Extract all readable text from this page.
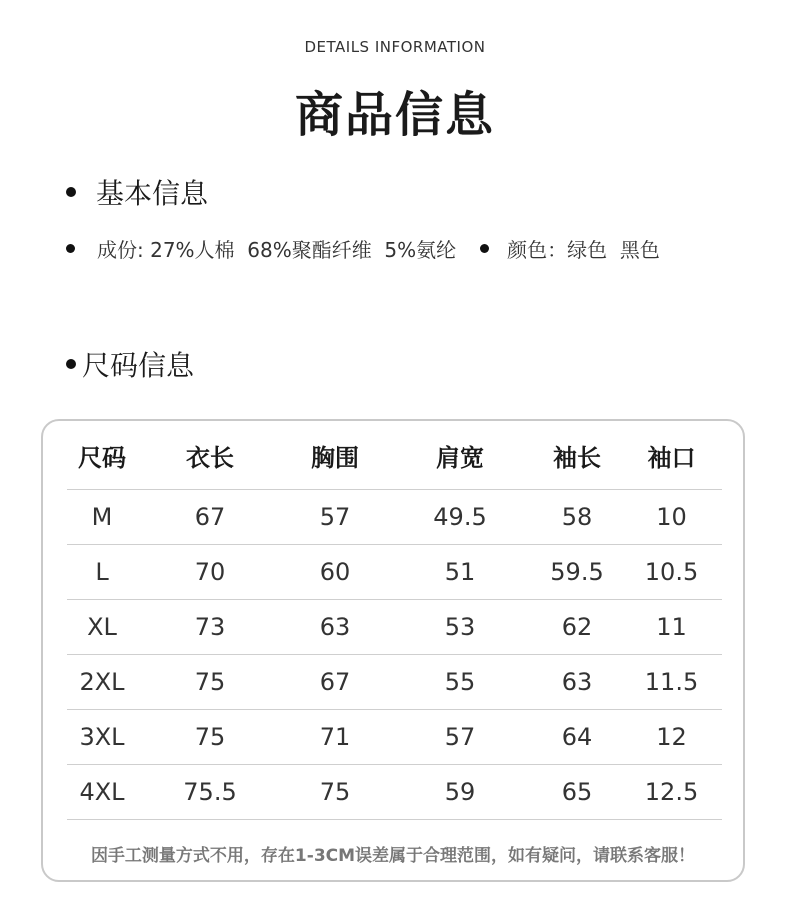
DETAILS INFORMATION
商品信息
基本信息
成份: 27%人棉  68%聚酯纤维  5%氨纶	颜色：绿色  黑色
尺码信息
尺码	衣长	胸围	肩宽	袖长	袖口
M	67	57	49.5	58	10
L	70	60	51	59.5	10.5
XL	73	63	53	62	11
2XL	75	67	55	63	11.5
3XL	75	71	57	64	12
4XL	75.5	75	59	65	12.5
因手工测量方式不用，存在1-3CM误差属于合理范围，如有疑问，请联系客服！
